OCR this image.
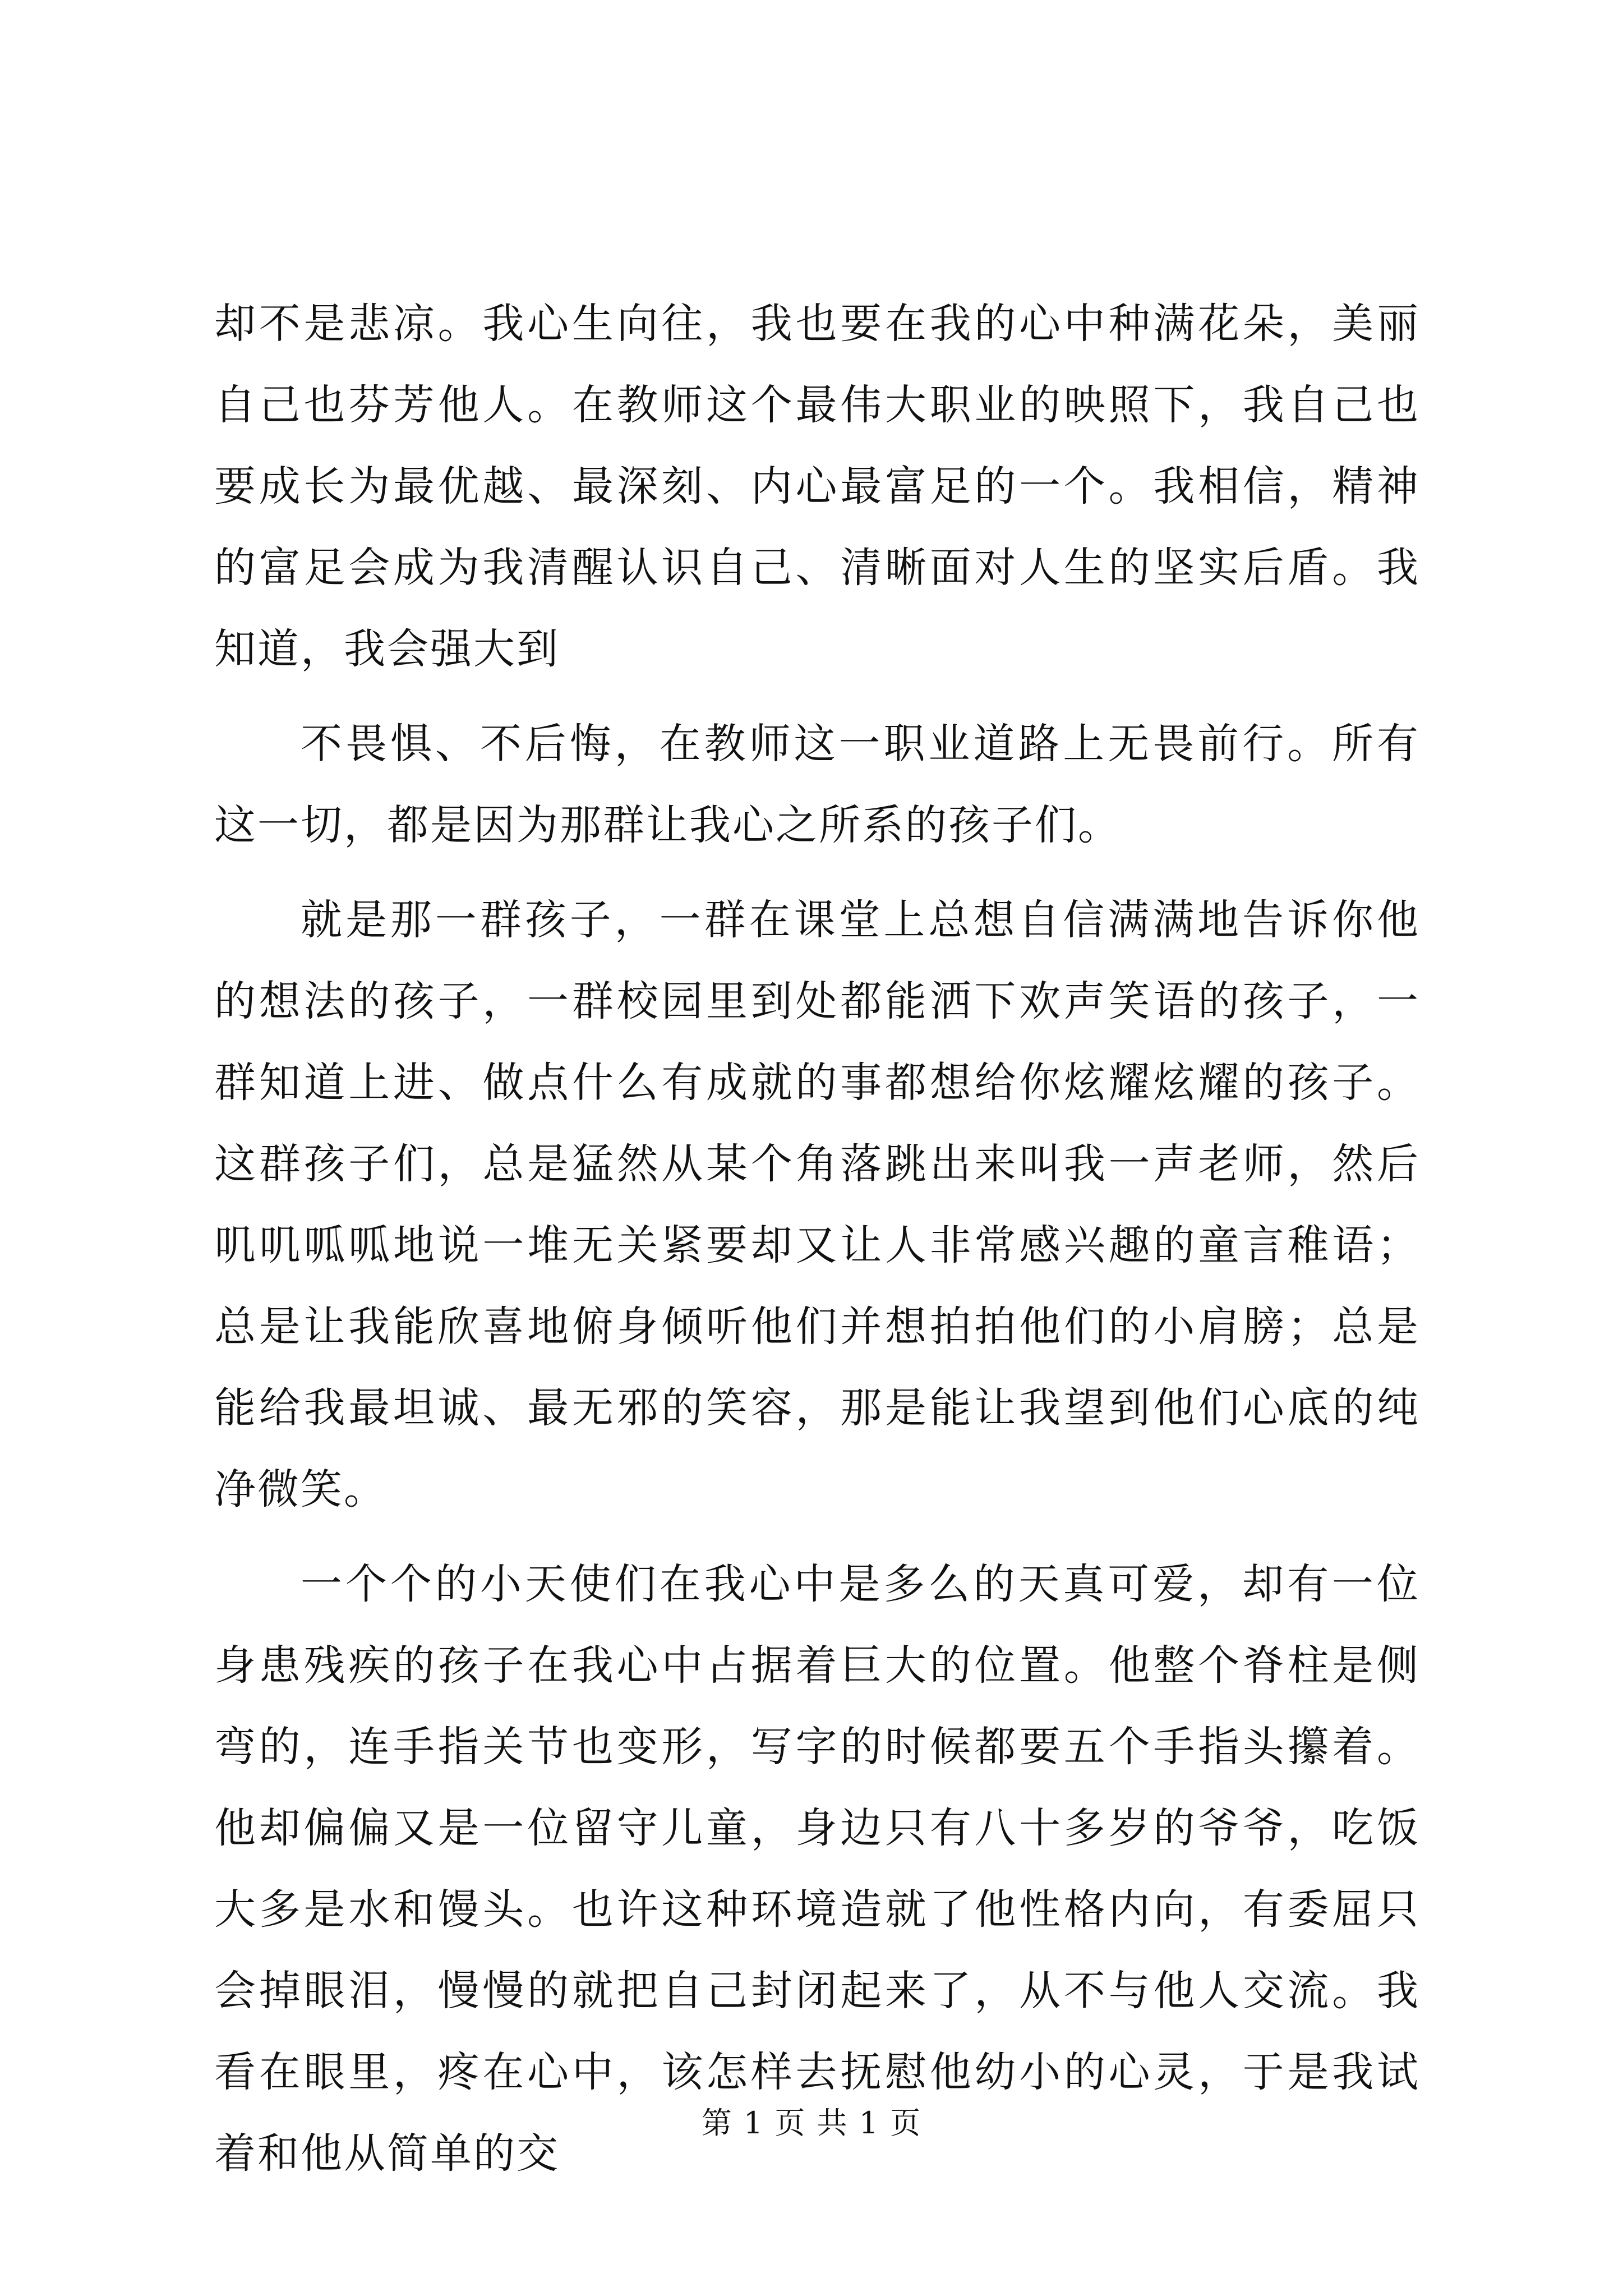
却不是悲凉。我心生向往，我也要在我的心中种满花朵，美丽自己也芬芳他人。在教师这个最伟大职业的映照下，我自己也要成长为最优越、最深刻、内心最富足的一个。我相信，精神的富足会成为我清醒认识自己、清晰面对人生的坚实后盾。我知道，我会强大到

不畏惧、不后悔，在教师这一职业道路上无畏前行。所有这一切，都是因为那群让我心之所系的孩子们。

就是那一群孩子，一群在课堂上总想自信满满地告诉你他的想法的孩子，一群校园里到处都能洒下欢声笑语的孩子，一群知道上进、做点什么有成就的事都想给你炫耀炫耀的孩子。这群孩子们，总是猛然从某个角落跳出来叫我一声老师，然后叽叽呱呱地说一堆无关紧要却又让人非常感兴趣的童言稚语；总是让我能欣喜地俯身倾听他们并想拍拍他们的小肩膀；总是能给我最坦诚、最无邪的笑容，那是能让我望到他们心底的纯净微笑。

一个个的小天使们在我心中是多么的天真可爱，却有一位身患残疾的孩子在我心中占据着巨大的位置。他整个脊柱是侧弯的，连手指关节也变形，写字的时候都要五个手指头攥着。他却偏偏又是一位留守儿童，身边只有八十多岁的爷爷，吃饭大多是水和馒头。也许这种环境造就了他性格内向，有委屈只会掉眼泪，慢慢的就把自己封闭起来了，从不与他人交流。我看在眼里，疼在心中，该怎样去抚慰他幼小的心灵，于是我试着和他从简单的交

第 1 页 共 1 页
